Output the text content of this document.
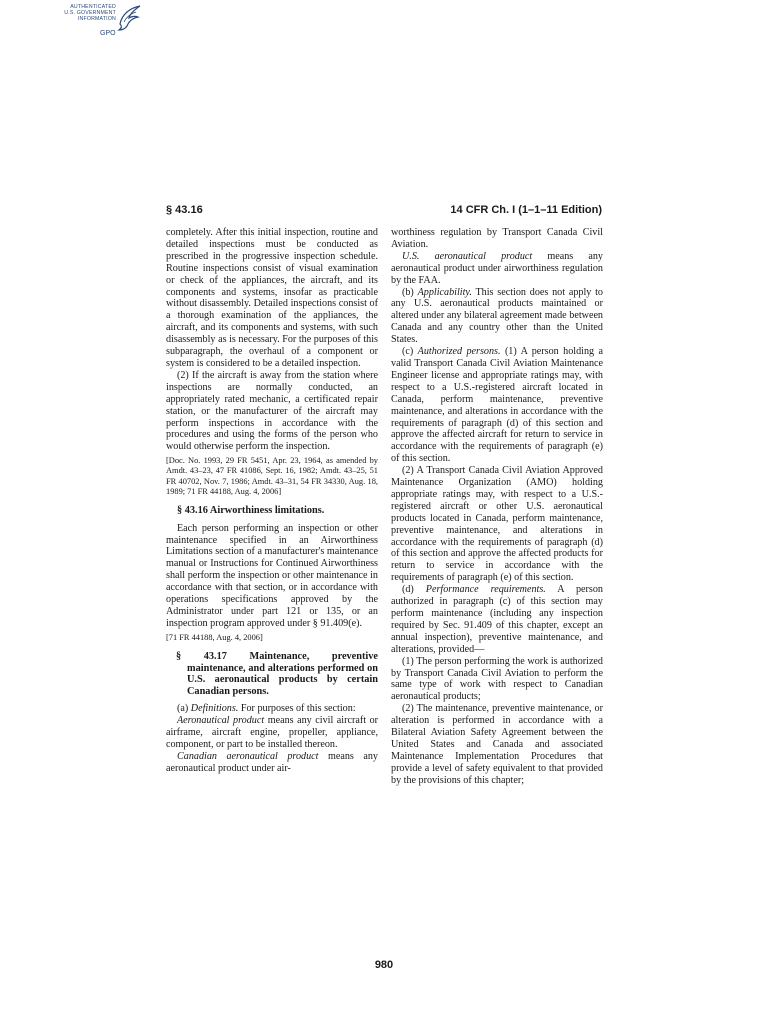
AUTHENTICATED
U.S. GOVERNMENT
INFORMATION
GPO
§ 43.16	14 CFR Ch. I (1–1–11 Edition)

completely. After this initial inspection, routine and detailed inspections must be conducted as prescribed in the progressive inspection schedule. Routine inspections consist of visual examination or check of the appliances, the aircraft, and its components and systems, insofar as practicable without disassembly. Detailed inspections consist of a thorough examination of the appliances, the aircraft, and its components and systems, with such disassembly as is necessary. For the purposes of this subparagraph, the overhaul of a component or system is considered to be a detailed inspection.

(2) If the aircraft is away from the station where inspections are normally conducted, an appropriately rated mechanic, a certificated repair station, or the manufacturer of the aircraft may perform inspections in accordance with the procedures and using the forms of the person who would otherwise perform the inspection.

[Doc. No. 1993, 29 FR 5451, Apr. 23, 1964, as amended by Amdt. 43–23, 47 FR 41086, Sept. 16, 1982; Amdt. 43–25, 51 FR 40702, Nov. 7, 1986; Amdt. 43–31, 54 FR 34330, Aug. 18, 1989; 71 FR 44188, Aug. 4, 2006]

§ 43.16 Airworthiness limitations.

Each person performing an inspection or other maintenance specified in an Airworthiness Limitations section of a manufacturer's maintenance manual or Instructions for Continued Airworthiness shall perform the inspection or other maintenance in accordance with that section, or in accordance with operations specifications approved by the Administrator under part 121 or 135, or an inspection program approved under § 91.409(e).

[71 FR 44188, Aug. 4, 2006]

§ 43.17 Maintenance, preventive maintenance, and alterations performed on U.S. aeronautical products by certain Canadian persons.

(a) Definitions. For purposes of this section:

Aeronautical product means any civil aircraft or airframe, aircraft engine, propeller, appliance, component, or part to be installed thereon.

Canadian aeronautical product means any aeronautical product under air-

worthiness regulation by Transport Canada Civil Aviation.

U.S. aeronautical product means any aeronautical product under airworthiness regulation by the FAA.

(b) Applicability. This section does not apply to any U.S. aeronautical products maintained or altered under any bilateral agreement made between Canada and any country other than the United States.

(c) Authorized persons. (1) A person holding a valid Transport Canada Civil Aviation Maintenance Engineer license and appropriate ratings may, with respect to a U.S.-registered aircraft located in Canada, perform maintenance, preventive maintenance, and alterations in accordance with the requirements of paragraph (d) of this section and approve the affected aircraft for return to service in accordance with the requirements of paragraph (e) of this section.

(2) A Transport Canada Civil Aviation Approved Maintenance Organization (AMO) holding appropriate ratings may, with respect to a U.S.-registered aircraft or other U.S. aeronautical products located in Canada, perform maintenance, preventive maintenance, and alterations in accordance with the requirements of paragraph (d) of this section and approve the affected products for return to service in accordance with the requirements of paragraph (e) of this section.

(d) Performance requirements. A person authorized in paragraph (c) of this section may perform maintenance (including any inspection required by Sec. 91.409 of this chapter, except an annual inspection), preventive maintenance, and alterations, provided—

(1) The person performing the work is authorized by Transport Canada Civil Aviation to perform the same type of work with respect to Canadian aeronautical products;

(2) The maintenance, preventive maintenance, or alteration is performed in accordance with a Bilateral Aviation Safety Agreement between the United States and Canada and associated Maintenance Implementation Procedures that provide a level of safety equivalent to that provided by the provisions of this chapter;

980
